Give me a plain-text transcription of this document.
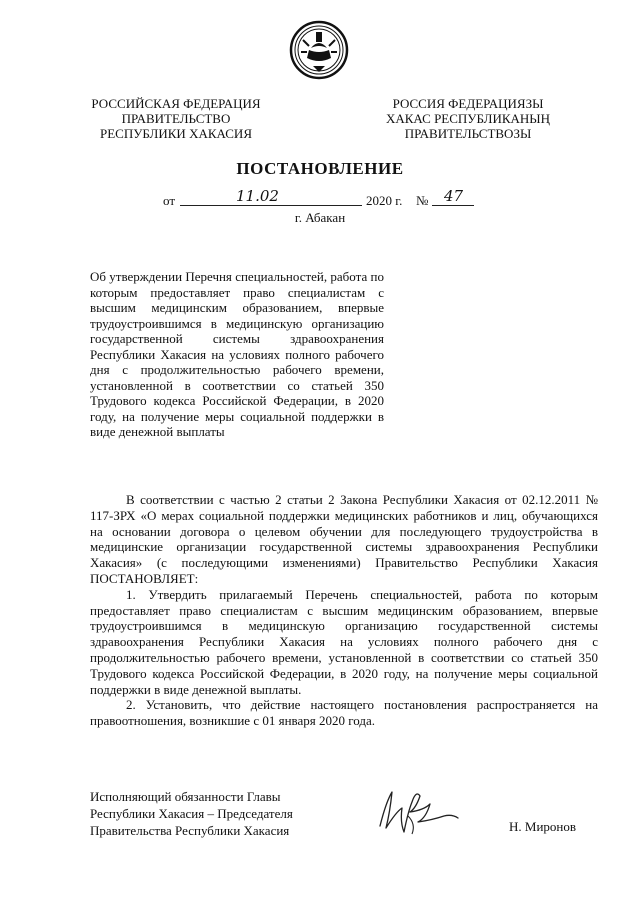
РОССИЙСКАЯ ФЕДЕРАЦИЯ
ПРАВИТЕЛЬСТВО
РЕСПУБЛИКИ ХАКАСИЯ
РОССИЯ ФЕДЕРАЦИЯЗЫ
ХАКАС РЕСПУБЛИКАНЫҢ
ПРАВИТЕЛЬСТВОЗЫ
ПОСТАНОВЛЕНИЕ
от	11.02	2020 г. № 47
г. Абакан

Об утверждении Перечня специальностей, работа по которым предоставляет право специалистам с высшим медицинским образованием, впервые трудоустроившимся в медицинскую организацию государственной системы здравоохранения Республики Хакасия на условиях полного рабочего дня с продолжительностью рабочего времени, установленной в соответствии со статьей 350 Трудового кодекса Российской Федерации, в 2020 году, на получение меры социальной поддержки в виде денежной выплаты

В соответствии с частью 2 статьи 2 Закона Республики Хакасия от 02.12.2011 № 117-ЗРХ «О мерах социальной поддержки медицинских работников и лиц, обучающихся на основании договора о целевом обучении для последующего трудоустройства в медицинские организации государственной системы здравоохранения Республики Хакасия» (с последующими изменениями) Правительство Республики Хакасия ПОСТАНОВЛЯЕТ:

1. Утвердить прилагаемый Перечень специальностей, работа по которым предоставляет право специалистам с высшим медицинским образованием, впервые трудоустроившимся в медицинскую организацию государственной системы здравоохранения Республики Хакасия на условиях полного рабочего дня с продолжительностью рабочего времени, установленной в соответствии со статьей 350 Трудового кодекса Российской Федерации, в 2020 году, на получение меры социальной поддержки в виде денежной выплаты.

2. Установить, что действие настоящего постановления распространяется на правоотношения, возникшие с 01 января 2020 года.

Исполняющий обязанности Главы
Республики Хакасия – Председателя
Правительства Республики Хакасия	Н. Миронов
